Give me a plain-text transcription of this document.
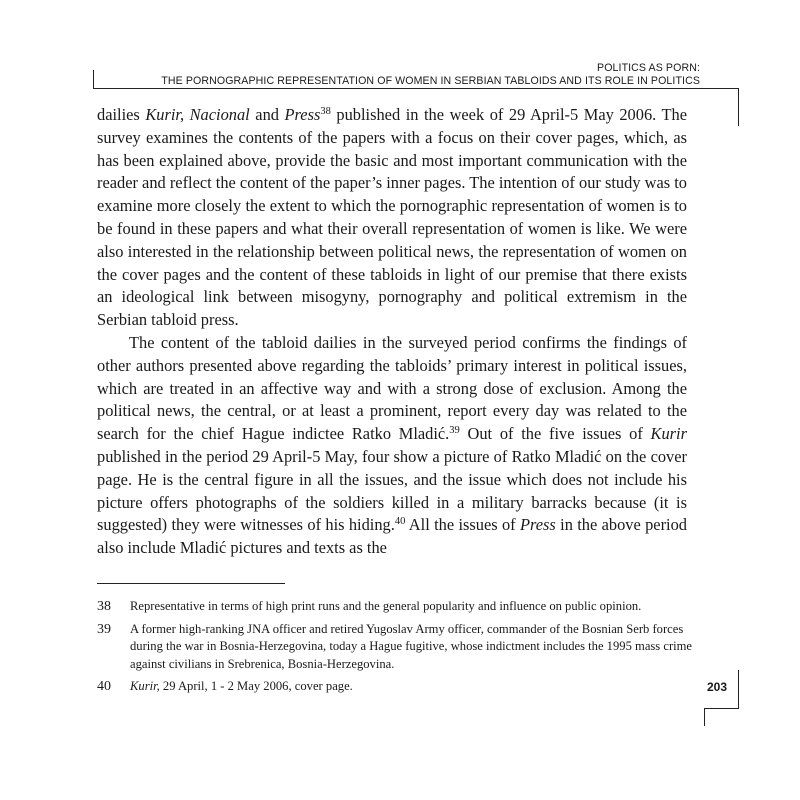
POLITICS AS PORN:
THE PORNOGRAPHIC REPRESENTATION OF WOMEN IN SERBIAN TABLOIDS AND ITS ROLE IN POLITICS

dailies Kurir, Nacional and Press$^{38}$ published in the week of 29 April-5 May 2006. The survey examines the contents of the papers with a focus on their cover pages, which, as has been explained above, provide the basic and most important communication with the reader and reflect the content of the paper’s inner pages. The intention of our study was to examine more closely the extent to which the pornographic representation of women is to be found in these papers and what their overall representation of women is like. We were also interested in the relationship between political news, the representation of women on the cover pages and the content of these tabloids in light of our premise that there exists an ideological link between misogyny, pornography and political extremism in the Serbian tabloid press.

The content of the tabloid dailies in the surveyed period confirms the findings of other authors presented above regarding the tabloids’ primary interest in political issues, which are treated in an affective way and with a strong dose of exclusion. Among the political news, the central, or at least a prominent, report every day was related to the search for the chief Hague indictee Ratko Mladić.$^{39}$ Out of the five issues of Kurir published in the period 29 April-5 May, four show a picture of Ratko Mladić on the cover page. He is the central figure in all the issues, and the issue which does not include his picture offers photographs of the soldiers killed in a military barracks because (it is suggested) they were witnesses of his hiding.$^{40}$ All the issues of Press in the above period also include Mladić pictures and texts as the

38	Representative in terms of high print runs and the general popularity and influence on public opinion.
39	A former high-ranking JNA officer and retired Yugoslav Army officer, commander of the Bosnian Serb forces during the war in Bosnia-Herzegovina, today a Hague fugitive, whose indictment includes the 1995 mass crime against civilians in Srebrenica, Bosnia-Herzegovina.
40	Kurir, 29 April, 1 - 2 May 2006, cover page.	203
